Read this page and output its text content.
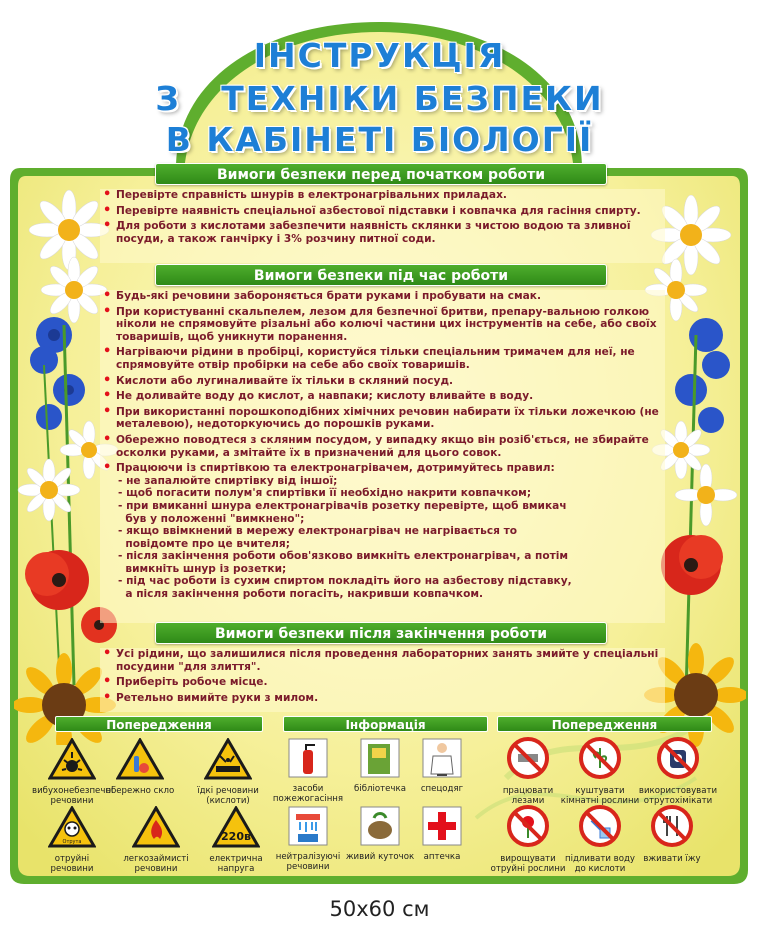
ІНСТРУКЦІЯ
З   ТЕХНІКИ БЕЗПЕКИ
В КАБІНЕТІ БІОЛОГІЇ
Вимоги безпеки перед початком роботи
• Перевірте справність шнурів в електронагрівальних приладах.
• Перевірте наявність спеціальної азбестової підставки і ковпачка для гасіння спирту.
• Для роботи з кислотами забезпечити наявність склянки з чистою водою та зливної посуди, а також ганчірку і 3% розчину питної соди.
Вимоги безпеки під час роботи
• Будь-які речовини забороняється брати руками і пробувати на смак.
• При користуванні скальпелем, лезом для безпечної бритви, препару-вальною голкою ніколи не спрямовуйте різальні або колючі частини цих інструментів на себе, або своїх товаришів, щоб уникнути поранення.
• Нагріваючи рідини в пробірці, користуйся тільки спеціальним тримачем для неї, не спрямовуйте отвір пробірки на себе або своїх товаришів.
• Кислоти або лугиналивайте їх тільки в скляний посуд.
• Не доливайте воду до кислот, а навпаки; кислоту вливайте в воду.
• При використанні порошкоподібних хімічних речовин набирати їх тільки ложечкою (не металевою), недоторкуючись до порошків руками.
• Обережно поводтеся з скляним посудом, у випадку якщо він розіб'ється, не збирайте осколки руками, а змітайте їх в призначений для цього совок.
• Працюючи із спиртівкою та електронагрівачем, дотримуйтесь правил:
- не запалюйте спиртівку від іншої;
- щоб погасити полум'я спиртівки її необхідно накрити ковпачком;
- при вмиканні шнура електронагрівачів розетку перевірте, щоб вмикач
був у положенні "вимкнено";
- якщо ввімкнений в мережу електронагрівач не нагрівається то
повідомте про це вчителя;
- після закінчення роботи обов'язково вимкніть електронагрівач, а потім
вимкніть шнур із розетки;
- під час роботи із сухим спиртом покладіть його на азбестову підставку,
а після закінчення роботи погасіть, накривши ковпачком.
Вимоги безпеки після закінчення роботи
• Усі рідини, що залишилися після проведення лабораторних занять змийте у спеціальні посудини "для злиття".
• Приберіть робоче місце.
• Ретельно вимийте руки з милом.
Попередження	Інформація	Попередження
вибухонебезпечні речовини
обережно скло	їдкі речовини (кислоти)
Отрута
отруйні речовини
легкозаймисті речовини
220в
електрична напруга
засоби пожежогасіння
бібліотечка	спецодяг
нейтралізуючі речовини
живий куточок	аптечка
працювати лезами
куштувати кімнатні рослини
використовувати отрутохімікати
вирощувати отруйні рослини
підливати воду до кислоти
вживати їжу
50х60 см
